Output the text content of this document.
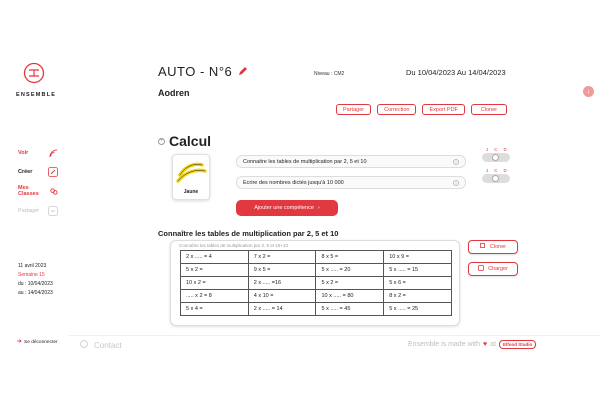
ENSEMBLE
Voir
Créer
Mes Classes
Partager
11 avril 2023
Semaine 15
du : 10/04/2023
au : 14/04/2023
Se déconnecter
AUTO - N°6	Niveau : CM2	Du 10/04/2023 Au 14/04/2023
Aodren	↓
Partager	Correction	Export PDF	Cloner
+ Calcul
Jaune
Connaitre les tables de multiplication par 2, 5 et 10	×
Ecrire des nombres dictés jusqu'à 10 000	×
Ajouter une compétence ›
J C D
J C D
Connaître les tables de multiplication par 2, 5 et 10
Connaître les tables de multiplication par 2, 5 et 10+10
2 x ..... = 4	7 x 2 =	8 x 5 =	10 x 9 =
5 x 2 =	9 x 5 =	5 x ..... = 20	5 x ..... = 15
10 x 2 =	2 x ..... =16	5 x 2 =	5 x 6 =
..... x 2 = 8	4 x 10 =	10 x ..... = 80	8 x 2 =
5 x 4 =	2 x ..... = 14	5 x ..... = 45	5 x ..... = 25
Cloner
Charger
Contact	Ensemble is made with ♥ at	Elfood Studio
